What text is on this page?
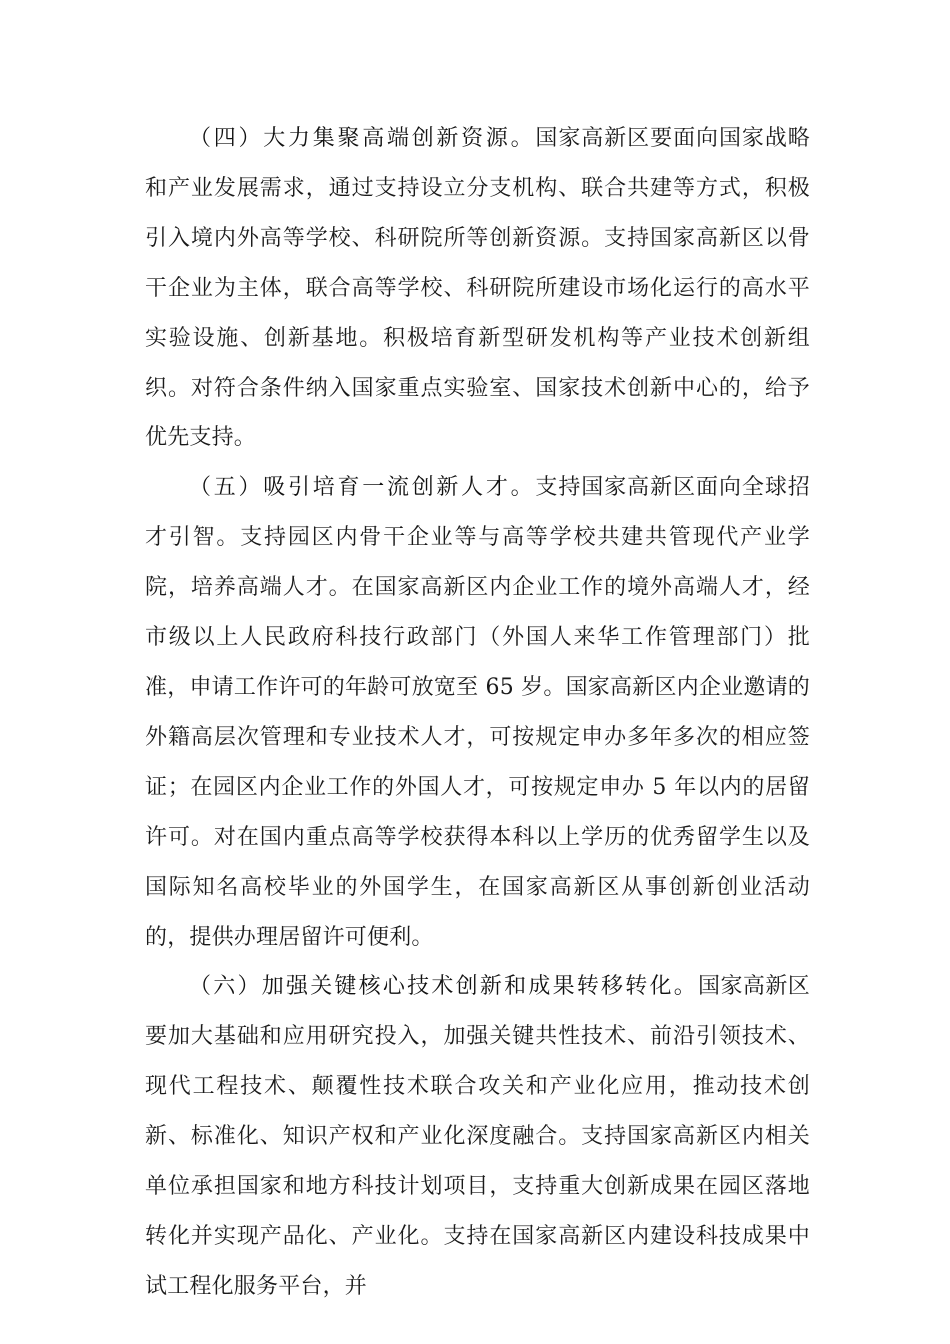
（四）大力集聚高端创新资源。国家高新区要面向国家战略和产业发展需求，通过支持设立分支机构、联合共建等方式，积极引入境内外高等学校、科研院所等创新资源。支持国家高新区以骨干企业为主体，联合高等学校、科研院所建设市场化运行的高水平实验设施、创新基地。积极培育新型研发机构等产业技术创新组织。对符合条件纳入国家重点实验室、国家技术创新中心的，给予优先支持。

（五）吸引培育一流创新人才。支持国家高新区面向全球招才引智。支持园区内骨干企业等与高等学校共建共管现代产业学院，培养高端人才。在国家高新区内企业工作的境外高端人才，经市级以上人民政府科技行政部门（外国人来华工作管理部门）批准，申请工作许可的年龄可放宽至 65 岁。国家高新区内企业邀请的外籍高层次管理和专业技术人才，可按规定申办多年多次的相应签证；在园区内企业工作的外国人才，可按规定申办 5 年以内的居留许可。对在国内重点高等学校获得本科以上学历的优秀留学生以及国际知名高校毕业的外国学生，在国家高新区从事创新创业活动的，提供办理居留许可便利。

（六）加强关键核心技术创新和成果转移转化。国家高新区要加大基础和应用研究投入，加强关键共性技术、前沿引领技术、现代工程技术、颠覆性技术联合攻关和产业化应用，推动技术创新、标准化、知识产权和产业化深度融合。支持国家高新区内相关单位承担国家和地方科技计划项目，支持重大创新成果在园区落地转化并实现产品化、产业化。支持在国家高新区内建设科技成果中试工程化服务平台，并
